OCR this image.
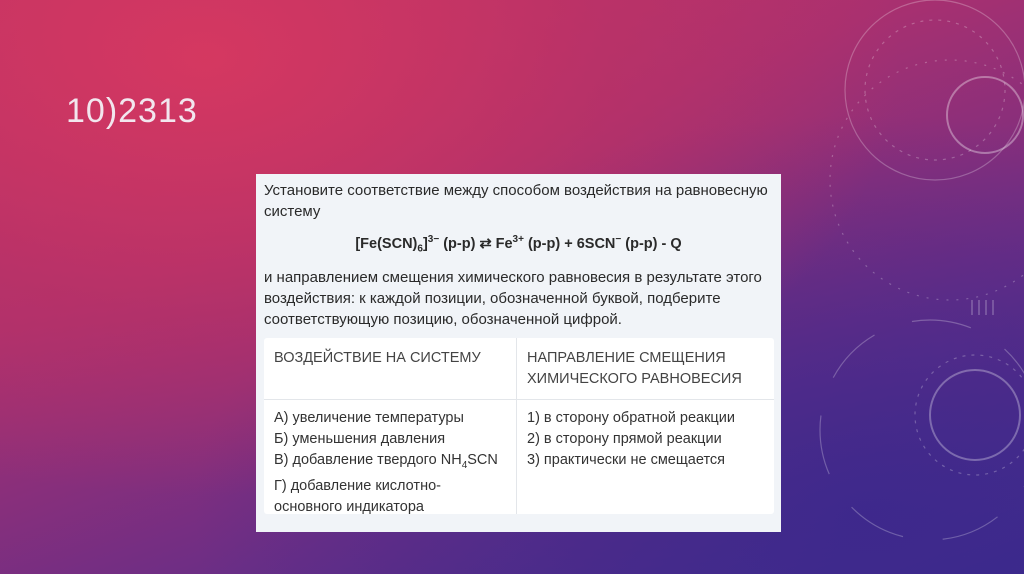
10)2313

Установите соответствие между способом воздействия на равновесную систему

$[Fe(SCN)_6]^{3-}$ (р-р) ⇄ $Fe^{3+}$ (р-р) + 6SCN− (р-р) - Q

и направлением смещения химического равновесия в результате этого воздействия: к каждой позиции, обозначенной буквой, подберите соответствующую позицию, обозначенной цифрой.

ВОЗДЕЙСТВИЕ НА СИСТЕМУ	НАПРАВЛЕНИЕ СМЕЩЕНИЯ ХИМИЧЕСКОГО РАВНОВЕСИЯ
А) увеличение температуры
Б) уменьшения давления
В) добавление твердого $NH_4SCN$
Г) добавление кислотно-основного индикатора
1) в сторону обратной реакции
2) в сторону прямой реакции
3) практически не смещается
